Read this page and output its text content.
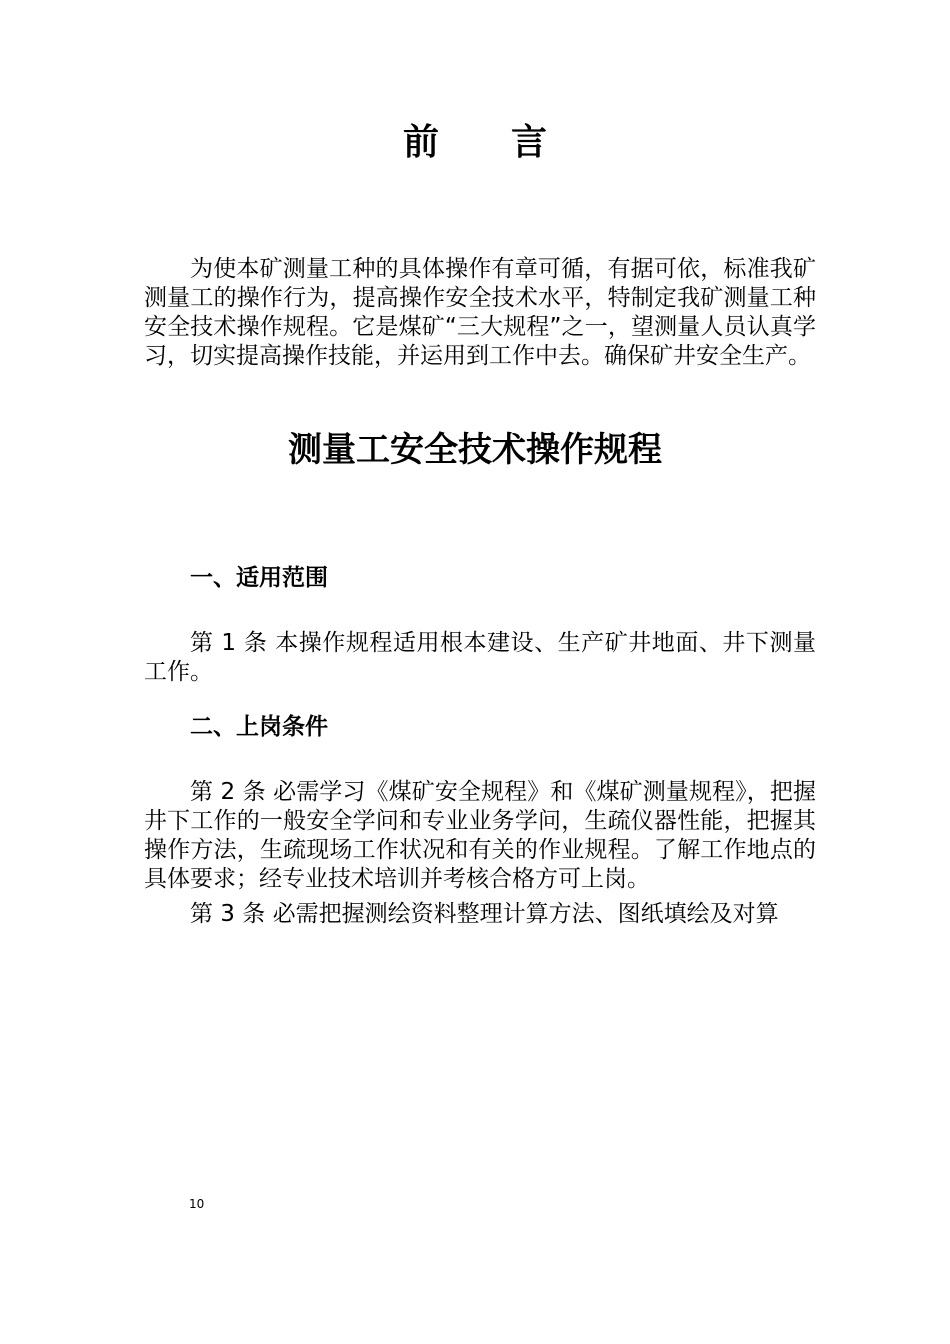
前 言

为使本矿测量工种的具体操作有章可循，有据可依，标准我矿测量工的操作行为，提高操作安全技术水平，特制定我矿测量工种安全技术操作规程。它是煤矿“三大规程”之一，望测量人员认真学习，切实提高操作技能，并运用到工作中去。确保矿井安全生产。

测量工安全技术操作规程
一、适用范围

第 1 条 本操作规程适用根本建设、生产矿井地面、井下测量工作。

二、上岗条件

第 2 条 必需学习《煤矿安全规程》和《煤矿测量规程》，把握井下工作的一般安全学问和专业业务学问，生疏仪器性能，把握其操作方法，生疏现场工作状况和有关的作业规程。了解工作地点的具体要求；经专业技术培训并考核合格方可上岗。

第 3 条 必需把握测绘资料整理计算方法、图纸填绘及对算

10
